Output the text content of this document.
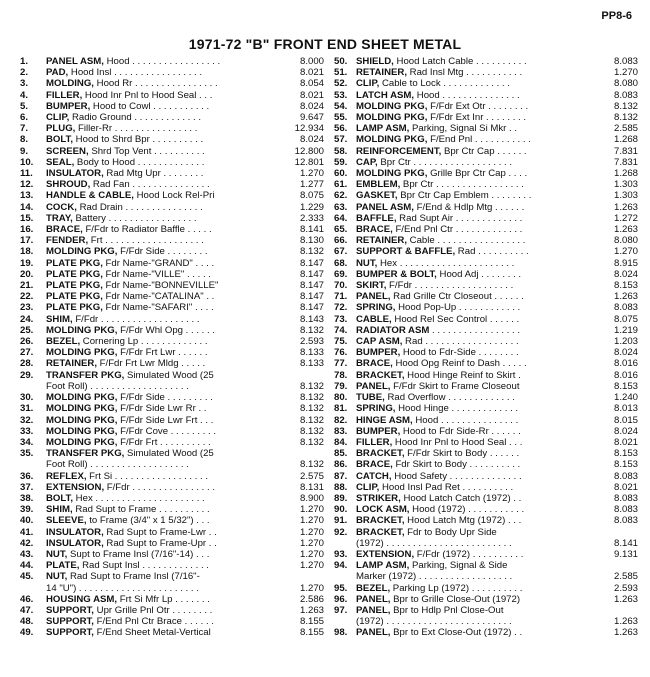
PP8-6
1971-72 "B" FRONT END SHEET METAL
1.	PANEL ASM, Hood . . . . . . . . . . . . . . . . .	8.000
2.	PAD, Hood Insl . . . . . . . . . . . . . . . . .	8.021
3.	MOLDING, Hood Rr . . . . . . . . . . . . . . . .	8.054
4.	FILLER, Hood Inr Pnl to Hood Seal . . .	8.021
5.	BUMPER, Hood to Cowl . . . . . . . . . . .	8.024
6.	CLIP, Radio Ground . . . . . . . . . . . . .	9.647
7.	PLUG, Filler-Rr . . . . . . . . . . . . . . . .	12.934
8.	BOLT, Hood to Shrd Bpr . . . . . . . . . .	8.024
9.	SCREEN, Shrd Top Vent . . . . . . . . . .	12.800
10.	SEAL, Body to Hood . . . . . . . . . . . . .	12.801
11.	INSULATOR, Rad Mtg Upr . . . . . . . .	1.270
12.	SHROUD, Rad Fan . . . . . . . . . . . . . . .	1.277
13.	HANDLE & CABLE, Hood Lock Rel-Pri	8.075
14.	COCK, Rad Drain . . . . . . . . . . . . . . .	1.229
15.	TRAY, Battery . . . . . . . . . . . . . . . . .	2.333
16.	BRACE, F/Fdr to Radiator Baffle . . . . .	8.141
17.	FENDER, Frt . . . . . . . . . . . . . . . . . . .	8.130
18.	MOLDING PKG, F/Fdr Side . . . . . . . .	8.132
19.	PLATE PKG, Fdr Name-"GRAND" . . . .	8.147
20.	PLATE PKG, Fdr Name-"VILLE" . . . . .	8.147
21.	PLATE PKG, Fdr Name-"BONNEVILLE"	8.147
22.	PLATE PKG, Fdr Name-"CATALINA" . .	8.147
23.	PLATE PKG, Fdr Name-"SAFARI" . . . .	8.147
24.	SHIM, F/Fdr . . . . . . . . . . . . . . . . . . .	8.143
25.	MOLDING PKG, F/Fdr Whl Opg . . . . . .	8.132
26.	BEZEL, Cornering Lp . . . . . . . . . . . . .	2.593
27.	MOLDING PKG, F/Fdr Frt Lwr . . . . . .	8.133
28.	RETAINER, F/Fdr Frt Lwr Mldg . . . . .	8.133
29.	TRANSFER PKG, Simulated Wood (25
Foot Roll) . . . . . . . . . . . . . . . . . . .	8.132
30.	MOLDING PKG, F/Fdr Side . . . . . . . . .	8.132
31.	MOLDING PKG, F/Fdr Side Lwr Rr . .	8.132
32.	MOLDING PKG, F/Fdr Side Lwr Frt . . .	8.132
33.	MOLDING PKG, F/Fdr Cove . . . . . . . . .	8.132
34.	MOLDING PKG, F/Fdr Frt . . . . . . . . . .	8.132
35.	TRANSFER PKG, Simulated Wood (25
Foot Roll) . . . . . . . . . . . . . . . . . . .	8.132
36.	REFLEX, Frt Si . . . . . . . . . . . . . . . . . .	2.575
37.	EXTENSION, F/Fdr . . . . . . . . . . . . . . . .	8.131
38.	BOLT, Hex . . . . . . . . . . . . . . . . . . . . .	8.900
39.	SHIM, Rad Supt to Frame . . . . . . . . . .	1.270
40.	SLEEVE, to Frame (3/4" x 1 5/32") . . .	1.270
41.	INSULATOR, Rad Supt to Frame-Lwr . .	1.270
42.	INSULATOR, Rad Supt to Frame-Upr . .	1.270
43.	NUT, Supt to Frame Insl (7/16"-14) . . .	1.270
44.	PLATE, Rad Supt Insl . . . . . . . . . . . . .	1.270
45.	NUT, Rad Supt to Frame Insl (7/16"-
14 "U") . . . . . . . . . . . . . . . . . . . . . . .	1.270
46.	HOUSING ASM, Frt Si Mfr Lp . . . . . . .	2.586
47.	SUPPORT, Upr Grille Pnl Otr . . . . . . . .	1.263
48.	SUPPORT, F/End Pnl Ctr Brace . . . . . .	8.155
49.	SUPPORT, F/End Sheet Metal-Vertical	8.155
50. SHIELD, Hood Latch Cable . . . . . . . . . .	8.083
51. RETAINER, Rad Insl Mtg . . . . . . . . . . .	1.270
52. CLIP, Cable to Lock . . . . . . . . . . . . .	8.080
53. LATCH ASM, Hood . . . . . . . . . . . . . . .	8.083
54. MOLDING PKG, F/Fdr Ext Otr . . . . . . . .	8.132
55. MOLDING PKG, F/Fdr Ext Inr . . . . . . . .	8.132
56. LAMP ASM, Parking, Signal Si Mkr . .	2.585
57. MOLDING PKG, F/End Pnl . . . . . . . . . . .	1.268
58. REINFORCEMENT, Bpr Ctr Cap . . . . . .	7.831
59. CAP, Bpr Ctr . . . . . . . . . . . . . . . . . . .	7.831
60. MOLDING PKG, Grille Bpr Ctr Cap . . . .	1.268
61. EMBLEM, Bpr Ctr . . . . . . . . . . . . . . . . .	1.303
62. GASKET, Bpr Ctr Cap Emblem . . . . . . . .	1.303
63. PANEL ASM, F/End & Hdlp Mtg . . . . . .	1.263
64. BAFFLE, Rad Supt Air . . . . . . . . . . . . .	1.272
65. BRACE, F/End Pnl Ctr . . . . . . . . . . . . .	1.263
66. RETAINER, Cable . . . . . . . . . . . . . . . . .	8.080
67. SUPPORT & BAFFLE, Rad . . . . . . . . . .	1.270
68. NUT, Hex . . . . . . . . . . . . . . . . . . . . . .	8.915
69. BUMPER & BOLT, Hood Adj . . . . . . . .	8.024
70. SKIRT, F/Fdr . . . . . . . . . . . . . . . . . . .	8.153
71. PANEL, Rad Grille Ctr Closeout . . . . . .	1.263
72. SPRING, Hood Pop-Up . . . . . . . . . . . .	8.083
73. CABLE, Hood Rel Sec Control . . . . . .	8.075
74. RADIATOR ASM . . . . . . . . . . . . . . . . .	1.219
75. CAP ASM, Rad . . . . . . . . . . . . . . . . . .	1.203
76. BUMPER, Hood to Fdr-Side . . . . . . . .	8.024
77. BRACE, Hood Opg Reinf to Dash . . . . .	8.016
78. BRACKET, Hood Hinge Reinf to Skirt .	8.016
79. PANEL, F/Fdr Skirt to Frame Closeout	8.153
80. TUBE, Rad Overflow . . . . . . . . . . . . .	1.240
81. SPRING, Hood Hinge . . . . . . . . . . . . .	8.013
82. HINGE ASM, Hood . . . . . . . . . . . . . . .	8.015
83. BUMPER, Hood to Fdr Side-Rr . . . . . .	8.024
84. FILLER, Hood Inr Pnl to Hood Seal . . .	8.021
85. BRACKET, F/Fdr Skirt to Body . . . . . .	8.153
86. BRACE, Fdr Skirt to Body . . . . . . . . . .	8.153
87. CATCH, Hood Safety . . . . . . . . . . . . . .	8.083
88. CLIP, Hood Insl Pad Ret . . . . . . . . . .	8.021
89. STRIKER, Hood Latch Catch (1972) . .	8.083
90. LOCK ASM, Hood (1972) . . . . . . . . . . .	8.083
91. BRACKET, Hood Latch Mtg (1972) . . .	8.083
92. BRACKET, Fdr to Body Upr Side
(1972) . . . . . . . . . . . . . . . . . . . . . . . .	8.141
93. EXTENSION, F/Fdr (1972) . . . . . . . . . .	9.131
94. LAMP ASM, Parking, Signal & Side
Marker (1972) . . . . . . . . . . . . . . . . . .	2.585
95. BEZEL, Parking Lp (1972) . . . . . . . . . .	2.593
96. PANEL, Bpr to Grille Close-Out (1972)	1.263
97. PANEL, Bpr to Hdlp Pnl Close-Out
(1972) . . . . . . . . . . . . . . . . . . . . . . . .	1.263
98. PANEL, Bpr to Ext Close-Out (1972) . .	1.263
